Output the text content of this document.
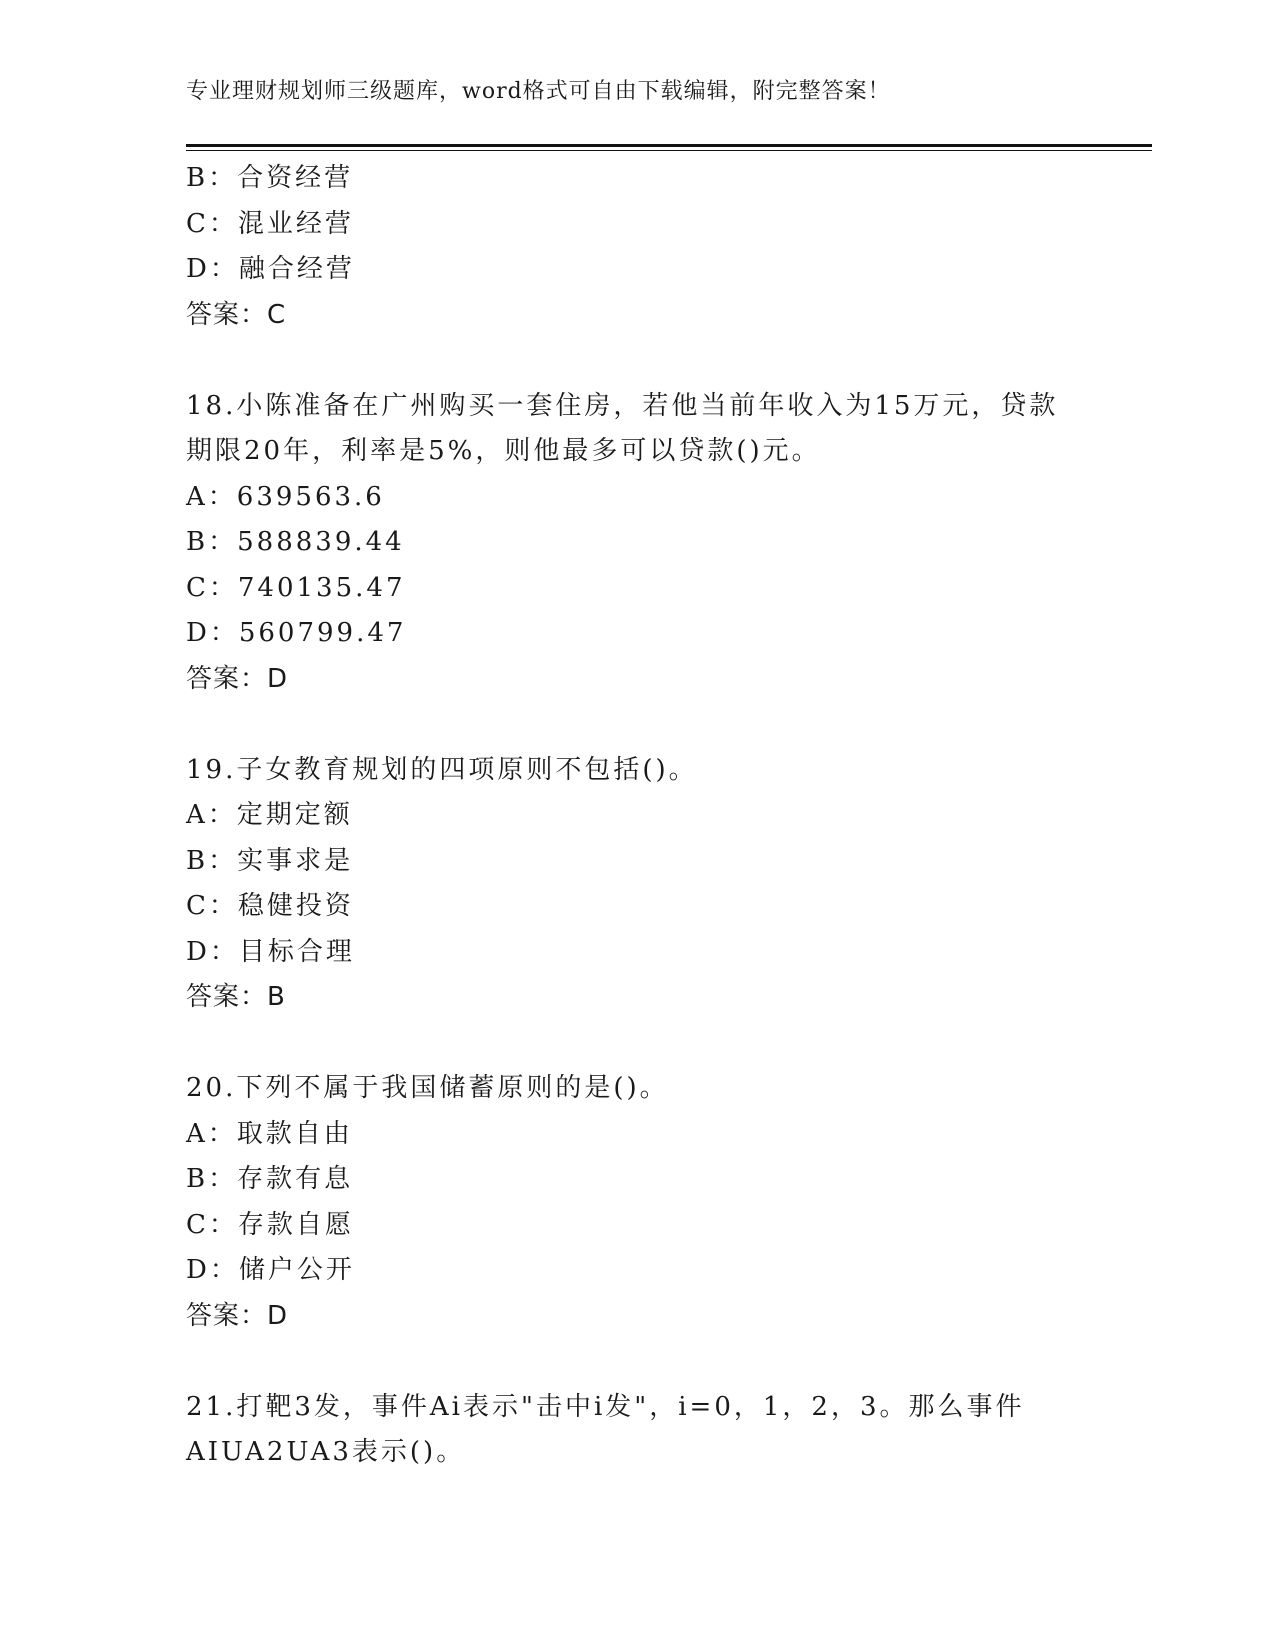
专业理财规划师三级题库，word格式可自由下载编辑，附完整答案！
B：合资经营
C：混业经营
D：融合经营
答案：C
18.小陈准备在广州购买一套住房，若他当前年收入为15万元，贷款
期限20年，利率是5%，则他最多可以贷款()元。
A：639563.6
B：588839.44
C：740135.47
D：560799.47
答案：D
19.子女教育规划的四项原则不包括()。
A：定期定额
B：实事求是
C：稳健投资
D：目标合理
答案：B
20.下列不属于我国储蓄原则的是()。
A：取款自由
B：存款有息
C：存款自愿
D：储户公开
答案：D
21.打靶3发，事件Ai表示"击中i发"，i=0，1，2，3。那么事件
AIUA2UA3表示()。
